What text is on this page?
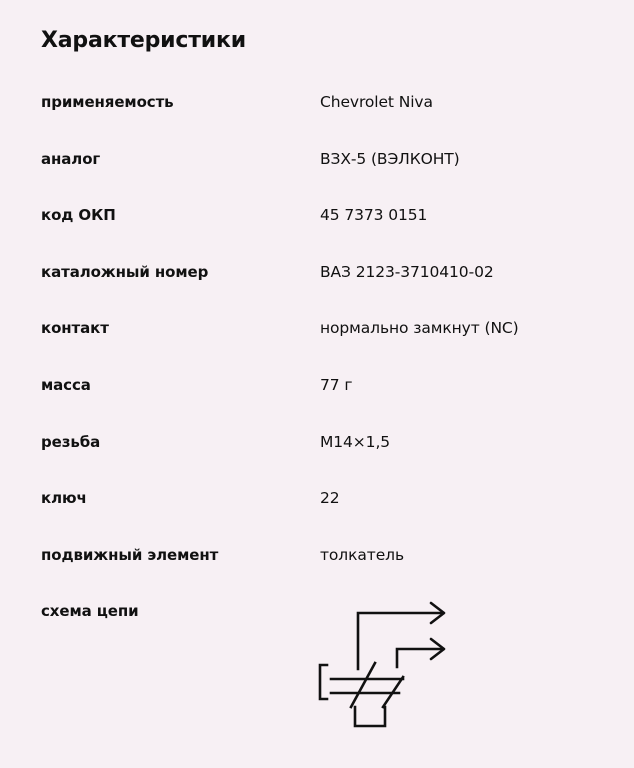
Характеристики
применяемость	Chevrolet Niva
аналог	ВЗХ-5 (ВЭЛКОНТ)
код ОКП	45 7373 0151
каталожный номер	ВАЗ 2123-3710410-02
контакт	нормально замкнут (NC)
масса	77 г
резьба	M14×1,5
ключ	22
подвижный элемент	толкатель
схема цепи
